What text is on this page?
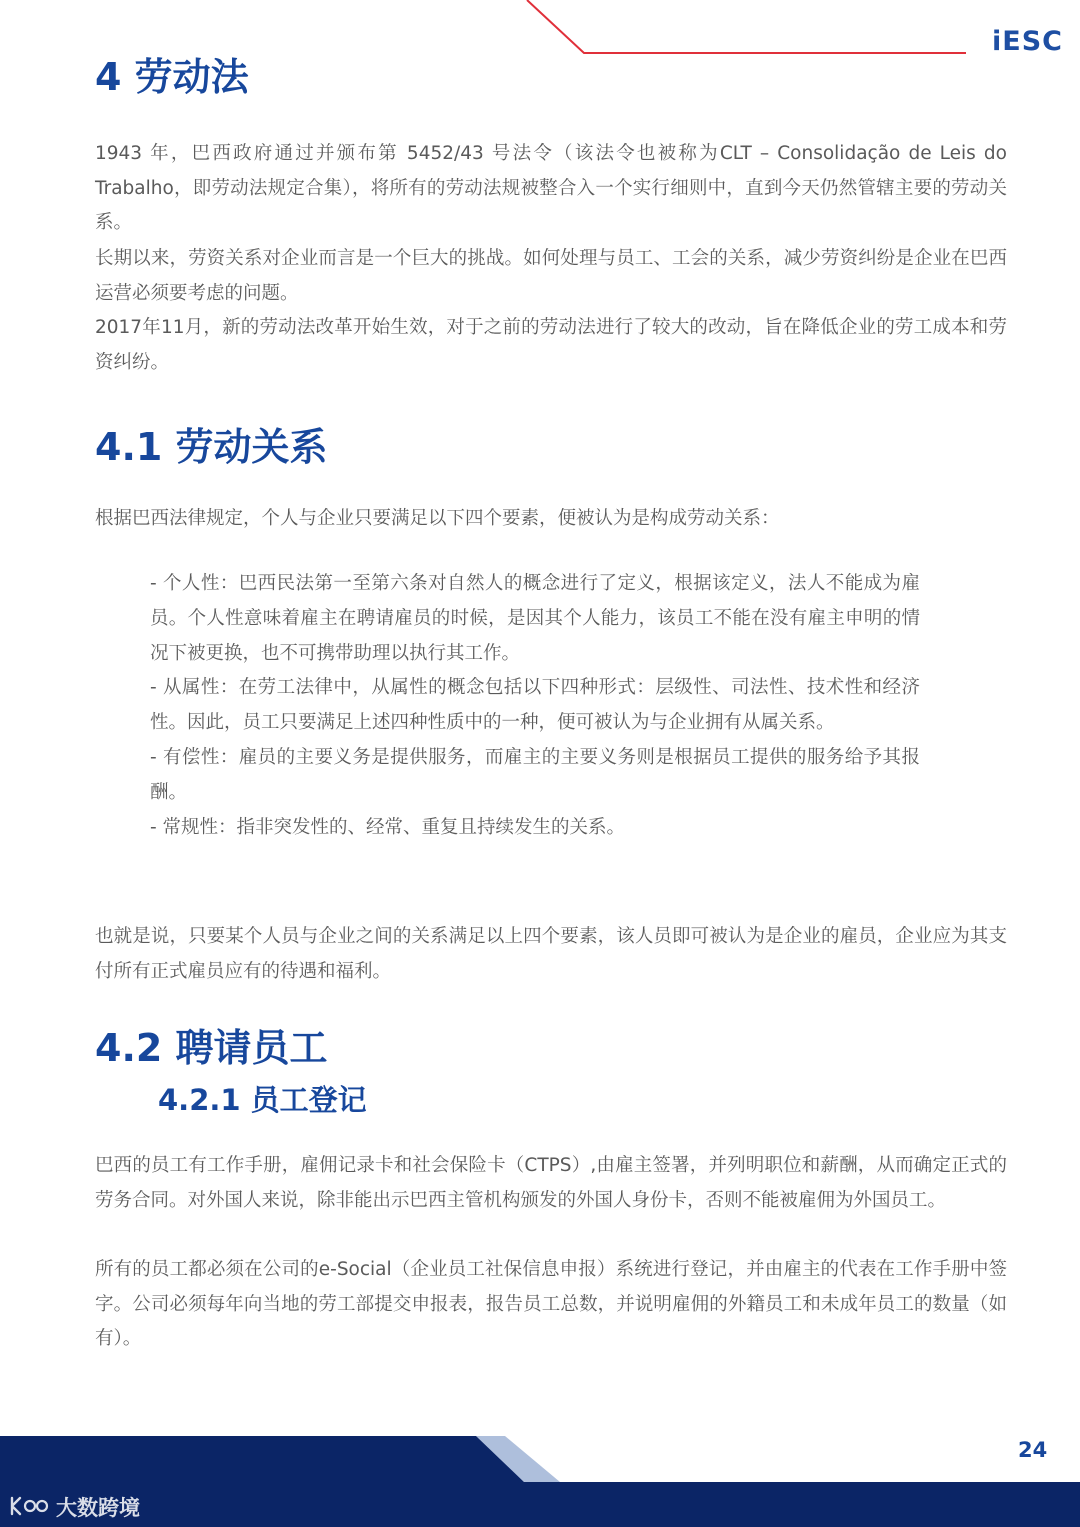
iESC
4 劳动法

1943 年，巴西政府通过并颁布第 5452/43 号法令（该法令也被称为CLT – Consolidação de Leis do Trabalho，即劳动法规定合集），将所有的劳动法规被整合入一个实行细则中，直到今天仍然管辖主要的劳动关系。

长期以来，劳资关系对企业而言是一个巨大的挑战。如何处理与员工、工会的关系，减少劳资纠纷是企业在巴西运营必须要考虑的问题。

2017年11月，新的劳动法改革开始生效，对于之前的劳动法进行了较大的改动，旨在降低企业的劳工成本和劳资纠纷。

4.1 劳动关系

根据巴西法律规定，个人与企业只要满足以下四个要素，便被认为是构成劳动关系：

- 个人性：巴西民法第一至第六条对自然人的概念进行了定义，根据该定义，法人不能成为雇员。个人性意味着雇主在聘请雇员的时候，是因其个人能力，该员工不能在没有雇主申明的情况下被更换，也不可携带助理以执行其工作。
- 从属性：在劳工法律中，从属性的概念包括以下四种形式：层级性、司法性、技术性和经济性。因此，员工只要满足上述四种性质中的一种，便可被认为与企业拥有从属关系。
- 有偿性：雇员的主要义务是提供服务，而雇主的主要义务则是根据员工提供的服务给予其报酬。
- 常规性：指非突发性的、经常、重复且持续发生的关系。

也就是说，只要某个人员与企业之间的关系满足以上四个要素，该人员即可被认为是企业的雇员，企业应为其支付所有正式雇员应有的待遇和福利。

4.2 聘请员工
4.2.1 员工登记

巴西的员工有工作手册，雇佣记录卡和社会保险卡（CTPS）,由雇主签署，并列明职位和薪酬，从而确定正式的劳务合同。对外国人来说，除非能出示巴西主管机构颁发的外国人身份卡，否则不能被雇佣为外国员工。

所有的员工都必须在公司的e-Social（企业员工社保信息申报）系统进行登记，并由雇主的代表在工作手册中签字。公司必须每年向当地的劳工部提交申报表，报告员工总数，并说明雇佣的外籍员工和未成年员工的数量（如有）。

24
大数跨境
